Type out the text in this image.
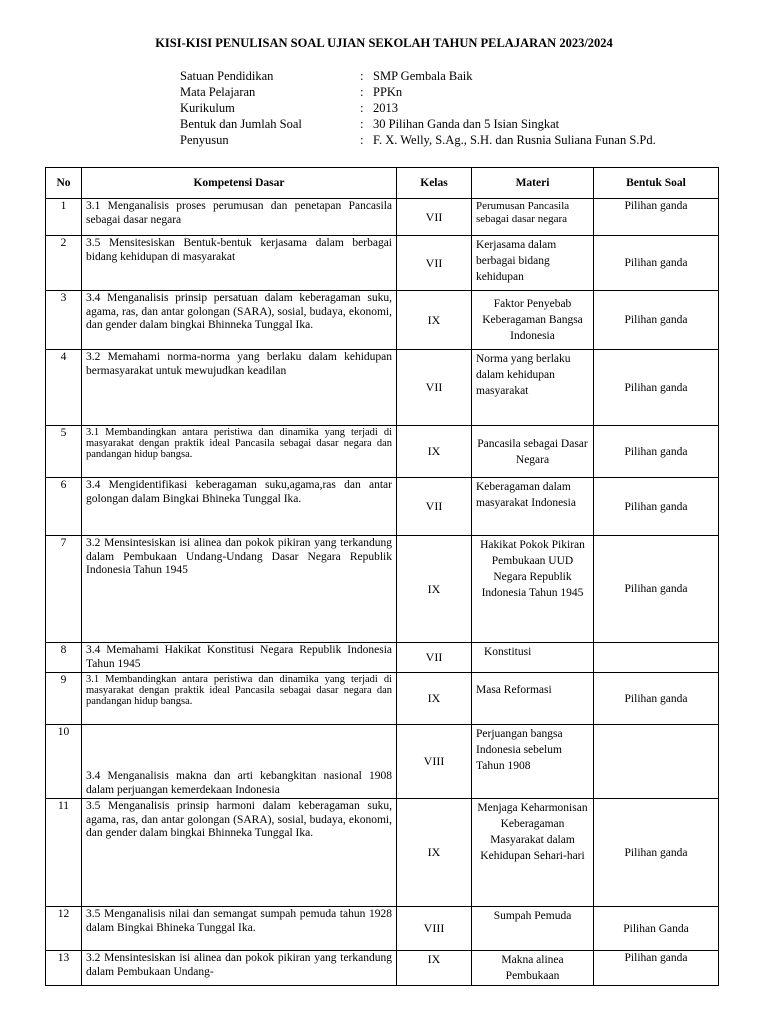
KISI-KISI PENULISAN SOAL UJIAN SEKOLAH TAHUN PELAJARAN 2023/2024
Satuan Pendidikan	: SMP Gembala Baik
Mata Pelajaran	: PPKn
Kurikulum	: 2013
Bentuk dan Jumlah Soal	: 30 Pilihan Ganda dan 5 Isian Singkat
Penyusun	: F. X. Welly, S.Ag., S.H. dan Rusnia Suliana Funan S.Pd.
No	Kompetensi Dasar	Kelas	Materi	Bentuk Soal
1	3.1 Menganalisis proses perumusan dan penetapan Pancasila sebagai dasar negara	VII	Perumusan Pancasila sebagai dasar negara	Pilihan ganda
2	3.5 Mensitesiskan Bentuk-bentuk kerjasama dalam berbagai bidang kehidupan di masyarakat	VII	Kerjasama dalam berbagai bidang kehidupan	Pilihan ganda
3	3.4 Menganalisis prinsip persatuan dalam keberagaman suku, agama, ras, dan antar golongan (SARA), sosial, budaya, ekonomi, dan gender dalam bingkai Bhinneka Tunggal Ika.	IX	Faktor Penyebab Keberagaman Bangsa Indonesia	Pilihan ganda
4	3.2 Memahami norma-norma yang berlaku dalam kehidupan bermasyarakat untuk mewujudkan keadilan	VII	Norma yang berlaku dalam kehidupan masyarakat	Pilihan ganda
5	3.1 Membandingkan antara peristiwa dan dinamika yang terjadi di masyarakat dengan praktik ideal Pancasila sebagai dasar negara dan pandangan hidup bangsa.	IX	Pancasila sebagai Dasar Negara	Pilihan ganda
6	3.4 Mengidentifikasi keberagaman suku,agama,ras dan antar golongan dalam Bingkai Bhineka Tunggal Ika.	VII	Keberagaman dalam masyarakat Indonesia	Pilihan ganda
7	3.2 Mensintesiskan isi alinea dan pokok pikiran yang terkandung dalam Pembukaan Undang-Undang Dasar Negara Republik Indonesia Tahun 1945	IX	Hakikat Pokok Pikiran Pembukaan UUD Negara Republik Indonesia Tahun 1945	Pilihan ganda
8	3.4 Memahami Hakikat Konstitusi Negara Republik Indonesia Tahun 1945	VII	Konstitusi	
9	3.1 Membandingkan antara peristiwa dan dinamika yang terjadi di masyarakat dengan praktik ideal Pancasila sebagai dasar negara dan pandangan hidup bangsa.	IX	Masa Reformasi	Pilihan ganda
10	3.4 Menganalisis makna dan arti kebangkitan nasional 1908 dalam perjuangan kemerdekaan Indonesia	VIII	Perjuangan bangsa Indonesia sebelum Tahun 1908	
11	3.5 Menganalisis prinsip harmoni dalam keberagaman suku, agama, ras, dan antar golongan (SARA), sosial, budaya, ekonomi, dan gender dalam bingkai Bhinneka Tunggal Ika.	IX	Menjaga Keharmonisan Keberagaman Masyarakat dalam Kehidupan Sehari-hari	Pilihan ganda
12	3.5 Menganalisis nilai dan semangat sumpah pemuda tahun 1928 dalam Bingkai Bhineka Tunggal Ika.	VIII	Sumpah Pemuda	Pilihan Ganda
13	3.2 Mensintesiskan isi alinea dan pokok pikiran yang terkandung dalam Pembukaan Undang-	IX	Makna alinea Pembukaan	Pilihan ganda
